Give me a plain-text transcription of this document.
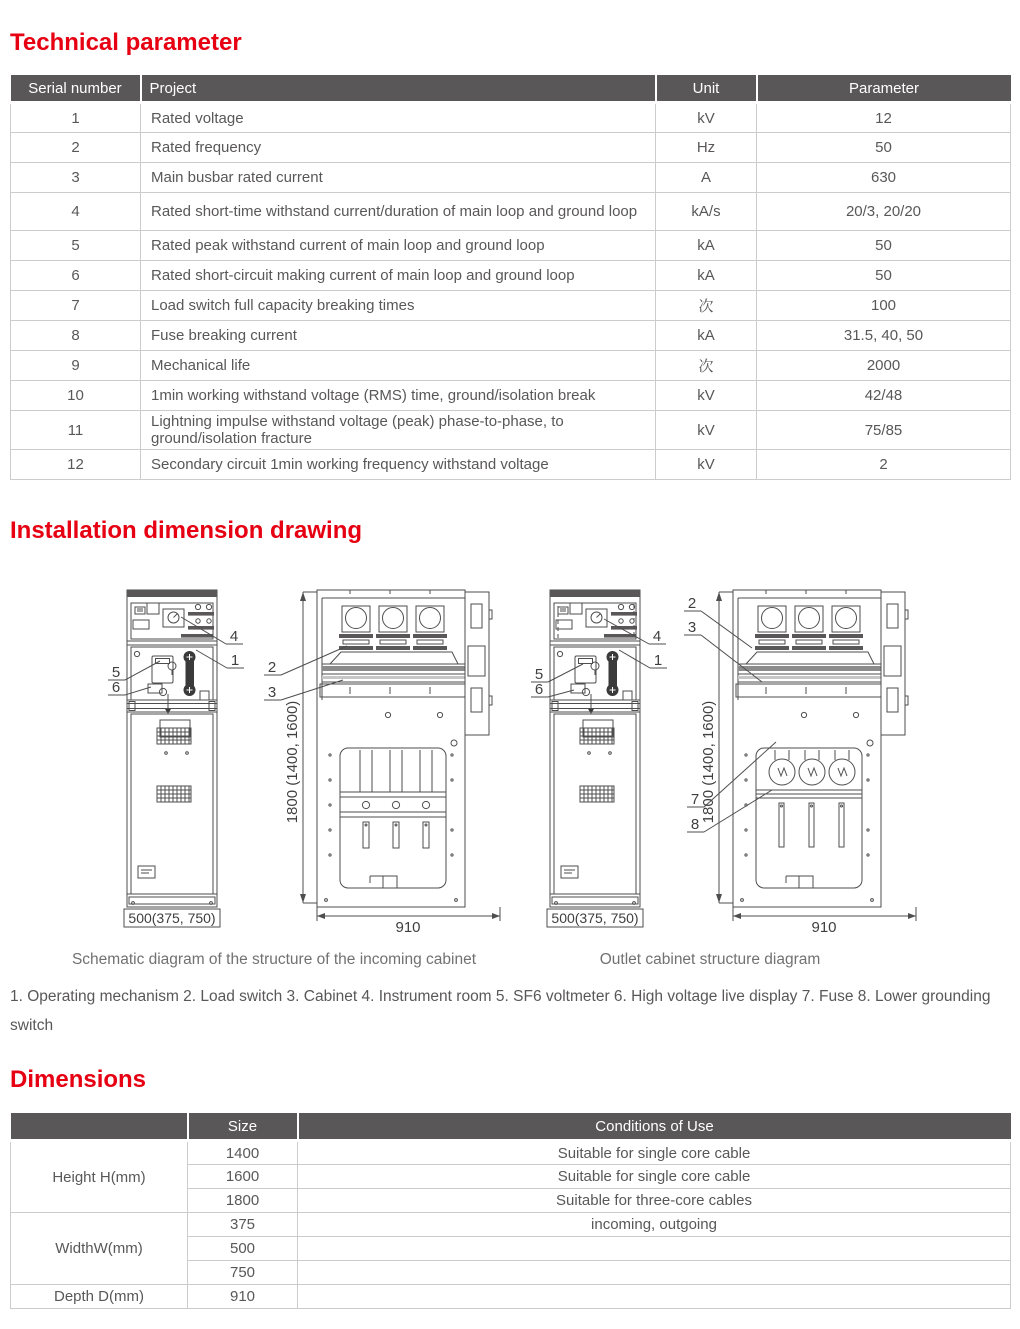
Technical parameter
Serial number	Project	Unit	Parameter
1	Rated voltage	kV	12
2	Rated frequency	Hz	50
3	Main busbar rated current	A	630
4	Rated short-time withstand current/duration of main loop and ground loop	kA/s	20/3, 20/20
5	Rated peak withstand current of main loop and ground loop	kA	50
6	Rated short-circuit making current of main loop and ground loop	kA	50
7	Load switch full capacity breaking times	次	100
8	Fuse breaking current	kA	31.5, 40, 50
9	Mechanical life	次	2000
10	1min working withstand voltage (RMS) time, ground/isolation break	kV	42/48
11	Lightning impulse withstand voltage (peak) phase-to-phase, to ground/isolation fracture	kV	75/85
12	Secondary circuit 1min working frequency withstand voltage	kV	2
Installation dimension drawing
4
1
5
6
2
3
4
1
5
6
2
3
7
8
500(375, 750)	500(375, 750)
1800 (1400, 1600)	1800 (1400, 1600)
910	910
Schematic diagram of the structure of the incoming cabinet	Outlet cabinet structure diagram
1. Operating mechanism 2. Load switch 3. Cabinet 4. Instrument room 5. SF6 voltmeter 6. High voltage live display 7. Fuse 8. Lower grounding switch
Dimensions
	Size	Conditions of Use
Height H(mm)	1400	Suitable for single core cable
	1600	Suitable for single core cable
	1800	Suitable for three-core cables
WidthW(mm)	375	incoming, outgoing
	500	
	750	
Depth D(mm)	910	
